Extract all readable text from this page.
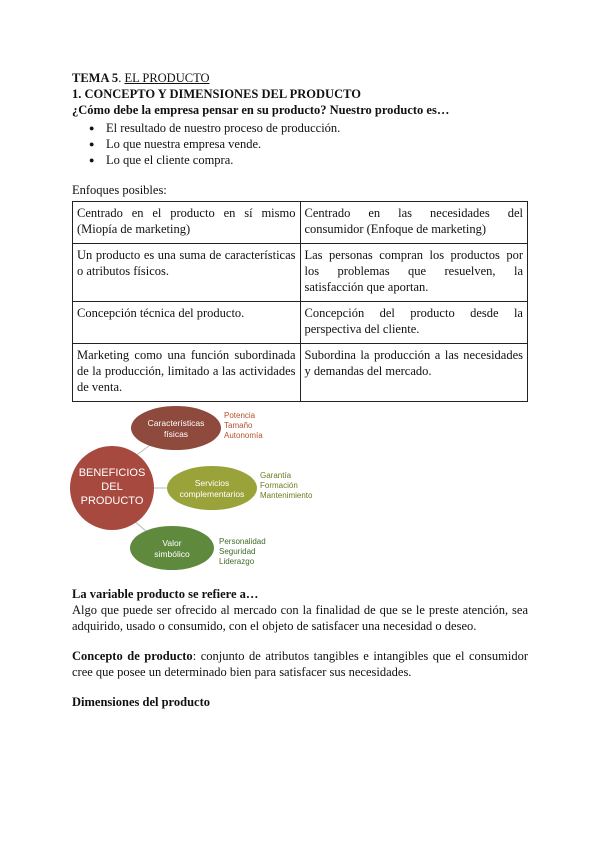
TEMA 5. EL PRODUCTO

1. CONCEPTO Y DIMENSIONES DEL PRODUCTO

¿Cómo debe la empresa pensar en su producto? Nuestro producto es…

● El resultado de nuestro proceso de producción.
● Lo que nuestra empresa vende.
● Lo que el cliente compra.

Enfoques posibles:

Centrado en el producto en sí mismo (Miopía de marketing)	Centrado en las necesidades del consumidor (Enfoque de marketing)
Un producto es una suma de características o atributos físicos.	Las personas compran los productos por los problemas que resuelven, la satisfacción que aportan.
Concepción técnica del producto.	Concepción del producto desde la perspectiva del cliente.
Marketing como una función subordinada de la producción, limitado a las actividades de venta.	Subordina la producción a las necesidades y demandas del mercado.
BENEFICIOS
DEL
PRODUCTO
Características
físicas
Potencia
Tamaño
Autonomía
Servicios
complementarios
Garantía
Formación
Mantenimiento
Valor
simbólico
Personalidad
Seguridad
Liderazgo

La variable producto se refiere a…

Algo que puede ser ofrecido al mercado con la finalidad de que se le preste atención, sea adquirido, usado o consumido, con el objeto de satisfacer una necesidad o deseo.

Concepto de producto: conjunto de atributos tangibles e intangibles que el consumidor cree que posee un determinado bien para satisfacer sus necesidades.

Dimensiones del producto
